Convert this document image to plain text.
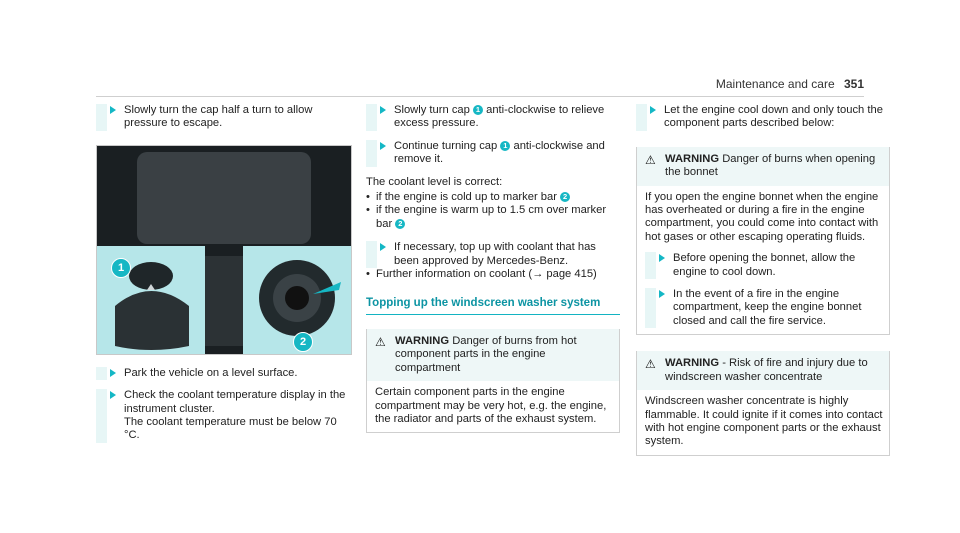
Maintenance and care 351
Slowly turn the cap half a turn to allow pressure to escape.
1
2
Park the vehicle on a level surface.
Check the coolant temperature display in the instrument cluster.
The coolant temperature must be below 70 °C.
Slowly turn cap 1 anti-clockwise to relieve excess pressure.
Continue turning cap 1 anti-clockwise and remove it.
The coolant level is correct:
• if the engine is cold up to marker bar 2
• if the engine is warm up to 1.5 cm over marker bar 2
If necessary, top up with coolant that has been approved by Mercedes-Benz.
• Further information on coolant (→ page 415)
Topping up the windscreen washer system
⚠ WARNING Danger of burns from hot component parts in the engine compartment
Certain component parts in the engine compartment may be very hot, e.g. the engine, the radiator and parts of the exhaust system.
Let the engine cool down and only touch the component parts described below:
⚠ WARNING Danger of burns when opening the bonnet
If you open the engine bonnet when the engine has overheated or during a fire in the engine compartment, you could come into contact with hot gases or other escaping operating fluids.
Before opening the bonnet, allow the engine to cool down.
In the event of a fire in the engine compartment, keep the engine bonnet closed and call the fire service.
⚠ WARNING - Risk of fire and injury due to windscreen washer concentrate
Windscreen washer concentrate is highly flammable. It could ignite if it comes into contact with hot engine component parts or the exhaust system.
